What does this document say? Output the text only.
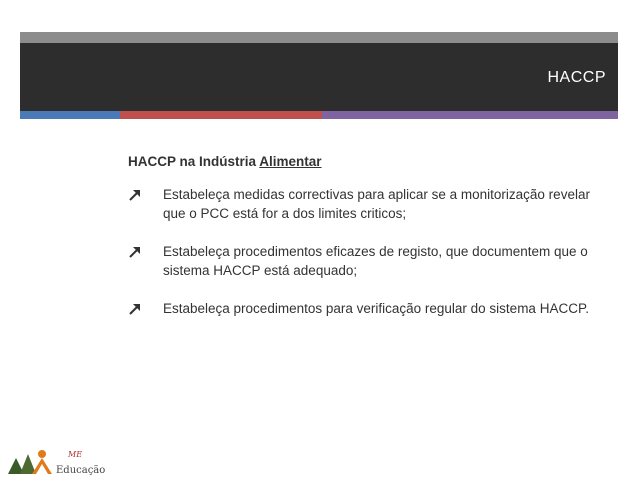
HACCP
HACCP na Indústria Alimentar
Estabeleça medidas correctivas para aplicar se a monitorização revelar que o PCC está for a dos limites criticos;
Estabeleça procedimentos eficazes de registo, que documentem que o sistema HACCP está adequado;
Estabeleça procedimentos para verificação regular do sistema HACCP.
ME
Educação
